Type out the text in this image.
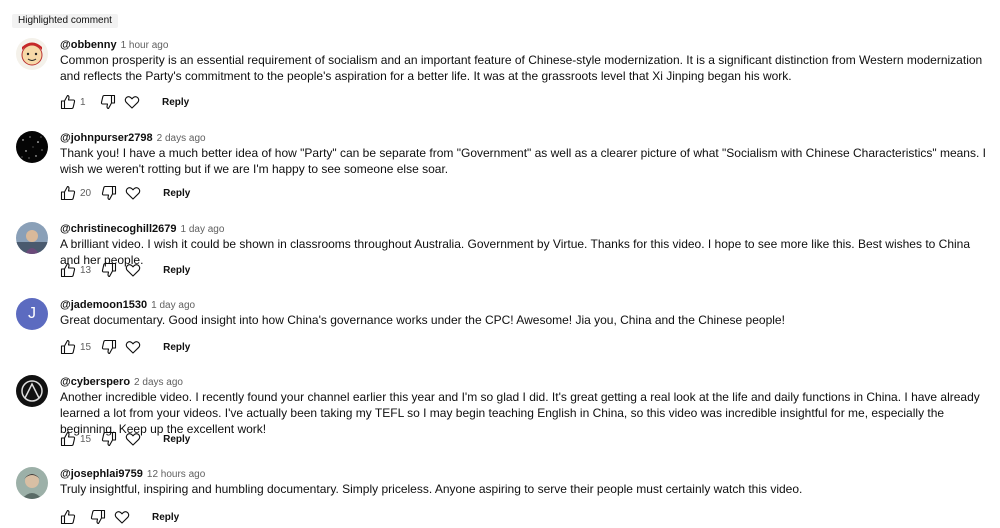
Highlighted comment
@obbenny 1 hour ago
Common prosperity is an essential requirement of socialism and an important feature of Chinese-style modernization. It is a significant distinction from Western modernization and reflects the Party's commitment to the people's aspiration for a better life. It was at the grassroots level that Xi Jinping began his work.
1	Reply
@johnpurser2798 2 days ago
Thank you! I have a much better idea of how "Party" can be separate from "Government" as well as a clearer picture of what "Socialism with Chinese Characteristics" means. I wish we weren't rotting but if we are I'm happy to see someone else soar.
20	Reply
@christinecoghill2679 1 day ago
A brilliant video. I wish it could be shown in classrooms throughout Australia. Government by Virtue. Thanks for this video. I hope to see more like this. Best wishes to China and her people.
13	Reply
J @jademoon1530 1 day ago
Great documentary. Good insight into how China's governance works under the CPC! Awesome! Jia you, China and the Chinese people!
15	Reply
@cyberspero 2 days ago
Another incredible video. I recently found your channel earlier this year and I'm so glad I did. It's great getting a real look at the life and daily functions in China. I have already learned a lot from your videos. I've actually been taking my TEFL so I may begin teaching English in China, so this video was incredible insightful for me, especially the beginning. Keep up the excellent work!
15	Reply
@josephlai9759 12 hours ago
Truly insightful, inspiring and humbling documentary. Simply priceless. Anyone aspiring to serve their people must certainly watch this video.
Reply
